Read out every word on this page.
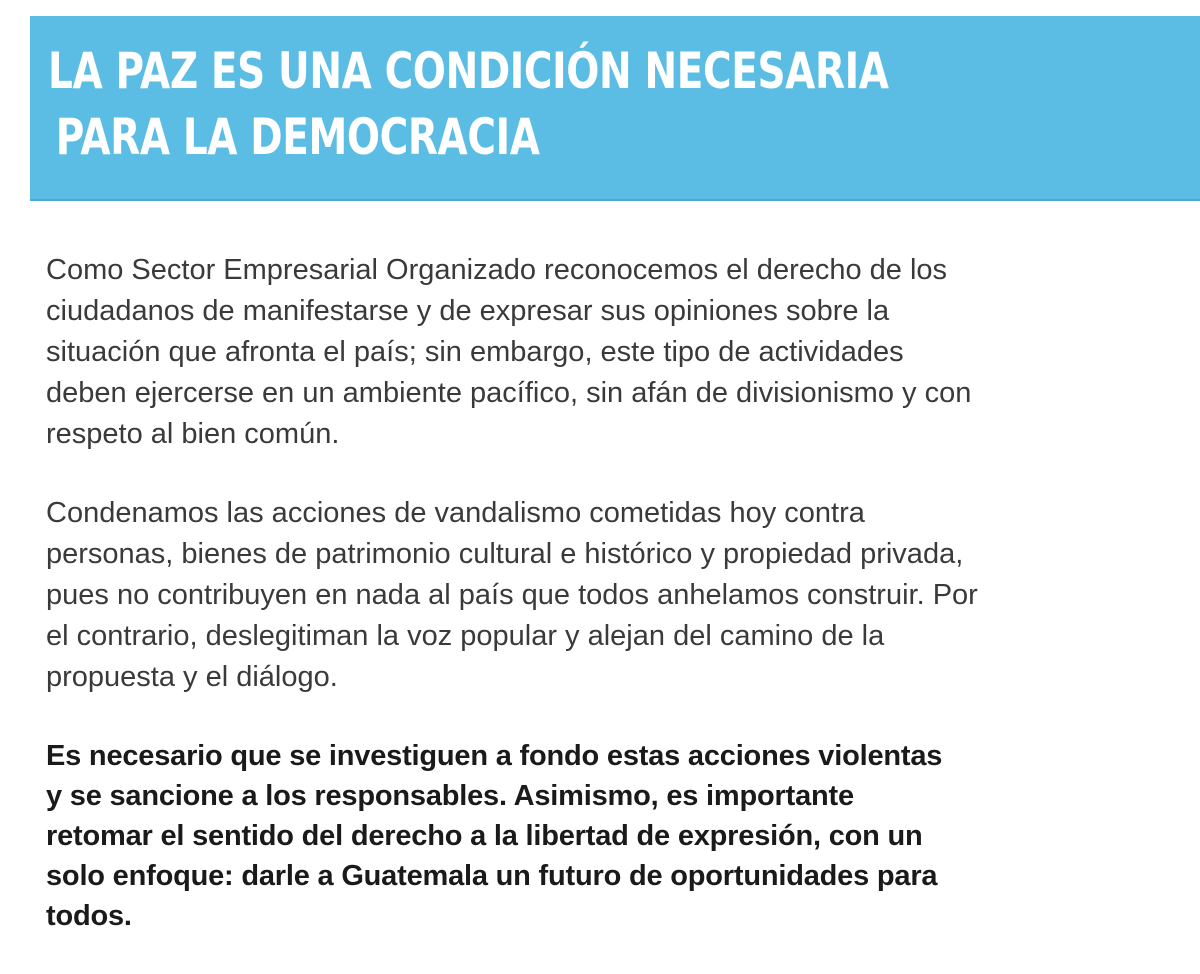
LA PAZ ES UNA CONDICIÓN NECESARIA
PARA LA DEMOCRACIA

Como Sector Empresarial Organizado reconocemos el derecho de los
ciudadanos de manifestarse y de expresar sus opiniones sobre la
situación que afronta el país; sin embargo, este tipo de actividades
deben ejercerse en un ambiente pacífico, sin afán de divisionismo y con
respeto al bien común.

Condenamos las acciones de vandalismo cometidas hoy contra
personas, bienes de patrimonio cultural e histórico y propiedad privada,
pues no contribuyen en nada al país que todos anhelamos construir. Por
el contrario, deslegitiman la voz popular y alejan del camino de la
propuesta y el diálogo.

Es necesario que se investiguen a fondo estas acciones violentas
y se sancione a los responsables. Asimismo, es importante
retomar el sentido del derecho a la libertad de expresión, con un
solo enfoque: darle a Guatemala un futuro de oportunidades para
todos.
